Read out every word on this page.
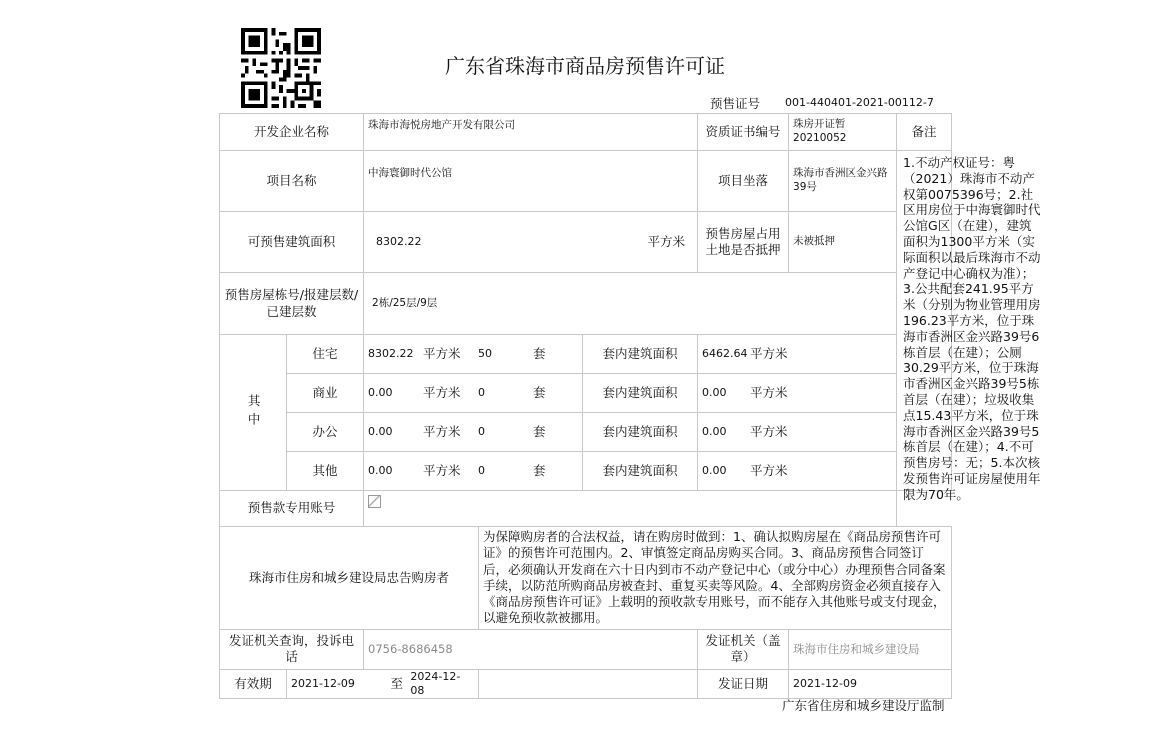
广东省珠海市商品房预售许可证
预售证号 001-440401-2021-00112-7
开发企业名称		珠海市海悦房地产开发有限公司			资质证书编号	珠房开证暂20210052	备注
项目名称		中海寰御时代公馆			项目坐落	珠海市香洲区金兴路39号	1.不动产权证号：粤（2021）珠海市不动产权第0075396号；2.社区用房位于中海寰御时代公馆G区（在建），建筑面积为1300平方米（实际面积以最后珠海市不动产登记中心确权为准）；3.公共配套241.95平方米（分别为物业管理用房196.23平方米，位于珠海市香洲区金兴路39号6栋首层（在建）；公厕30.29平方米，位于珠海市香洲区金兴路39号5栋首层（在建）；垃圾收集点15.43平方米，位于珠海市香洲区金兴路39号5栋首层（在建）；4.不可预售房号：无；5.本次核发预售许可证房屋使用年限为70年。

可预售建筑面积		8302.22 平方米			预售房屋占用土地是否抵押	未被抵押	
预售房屋栋号/报建层数/已建层数		2栋/25层/9层					
其中	住宅	8302.22 平方米 50 套		套内建筑面积	6462.64 平方米		

	商业	0.00 平方米 0 套		套内建筑面积	0.00 平方米		

	办公	0.00 平方米 0 套		套内建筑面积	0.00 平方米		

	其他	0.00 平方米 0 套		套内建筑面积	0.00 平方米		

预售款专用账号							
珠海市住房和城乡建设局忠告购房者			为保障购房者的合法权益，请在购房时做到：1、确认拟购房屋在《商品房预售许可证》的预售许可范围内。2、审慎签定商品房购买合同。3、商品房预售合同签订后，必须确认开发商在六十日内到市不动产登记中心（或分中心）办理预售合同备案手续，以防范所购商品房被查封、重复买卖等风险。4、全部购房资金必须直接存入《商品房预售许可证》上载明的预收款专用账号，而不能存入其他账号或支付现金，以避免预收款被挪用。				
发证机关查询，投诉电话		0756-8686458			发证机关（盖章）	珠海市住房和城乡建设局	
有效期	2021-12-09 至 2024-12-08				发证日期	2021-12-09	
广东省住房和城乡建设厅监制
